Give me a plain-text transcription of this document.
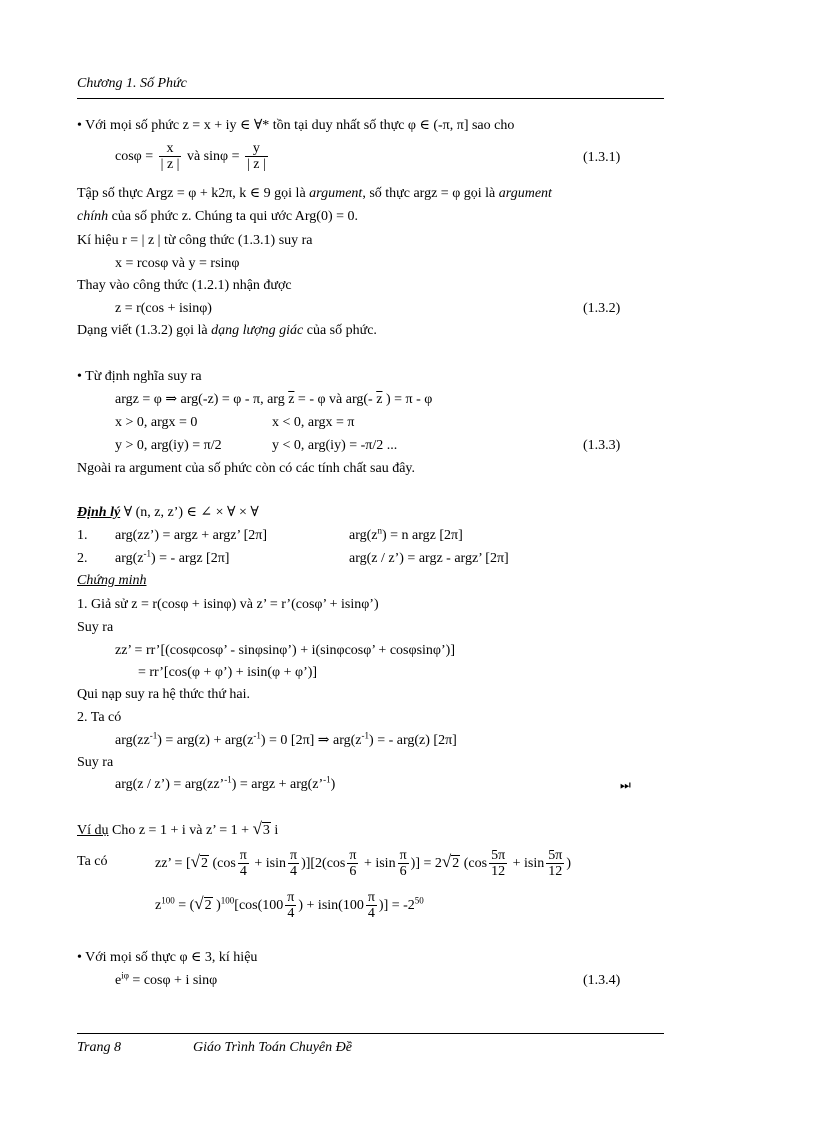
Chương 1. Số Phức
• Với mọi số phức z = x + iy ∈ ∀* tồn tại duy nhất số thực φ ∈ (-π, π] sao cho
$\cos\varphi = \frac{x}{| z |}$ và $\sin\varphi = \frac{y}{| z |}$	(1.3.1)
Tập số thực Argz = φ + k2π, k ∈ 9 gọi là argument, số thực argz = φ gọi là argument
chính của số phức z. Chúng ta qui ước Arg(0) = 0.
Kí hiệu r = | z | từ công thức (1.3.1) suy ra
x = rcosφ và y = rsinφ
Thay vào công thức (1.2.1) nhận được
z = r(cos + isinφ)	(1.3.2)
Dạng viết (1.3.2) gọi là dạng lượng giác của số phức.
• Từ định nghĩa suy ra
argz = φ ⇒ arg(-z) = φ - π, arg $\overline{z}$ = - φ và arg(- $\overline{z}$ ) = π - φ
x > 0, argx = 0	x < 0, argx = π
y > 0, arg(iy) = π/2	y < 0, arg(iy) = -π/2 ...	(1.3.3)
Ngoài ra argument của số phức còn có các tính chất sau đây.
Định lý ∀ (n, z, z’) ∈ ∠ × ∀ × ∀
1. arg(zz’) = argz + argz’ [2π]	$arg(z^n) = n$ argz [2π]
2. $arg(z^{-1})$ = - argz [2π]	arg(z / z’) = argz - argz’ [2π]
Chứng minh
1. Giả sử z = r(cosφ + isinφ) và z’ = r’(cosφ’ + isinφ’)
Suy ra
zz’ = rr’[(cosφcosφ’ - sinφsinφ’) + i(sinφcosφ’ + cosφsinφ’)]
= rr’[cos(φ + φ’) + isin(φ + φ’)]
Qui nạp suy ra hệ thức thứ hai.
2. Ta có
$arg(zz^{-1}) = arg(z) + arg(z^{-1}) = 0$ [2π] ⇒ $arg(z^{-1})$ = - arg(z) [2π]
Suy ra
arg(z / z’) = arg(zz’$^{-1}$) = argz + arg(z’$^{-1}$)	⏭
Ví dụ Cho z = 1 + i và z’ = 1 + √3 i
Ta có	zz’ = [√2 $(\cos \frac{\pi}{4} + isin \frac{\pi}{4} )][2(\cos \frac{\pi}{6} + isin \frac{\pi}{6}$ )] = 2√2 ($\cos \frac{5\pi}{12} + isin \frac{5\pi}{12}$ )
$z^{100} = (√2$ )$^{100}[\cos(100 \frac{\pi}{4}$ ) + $isin(100 \frac{\pi}{4}$ )] = $-2^{50}$
• Với mọi số thực φ ∈ 3, kí hiệu
$e^{i\varphi} = \cos\varphi + i$ sinφ	(1.3.4)
Trang 8	Giáo Trình Toán Chuyên Đề
